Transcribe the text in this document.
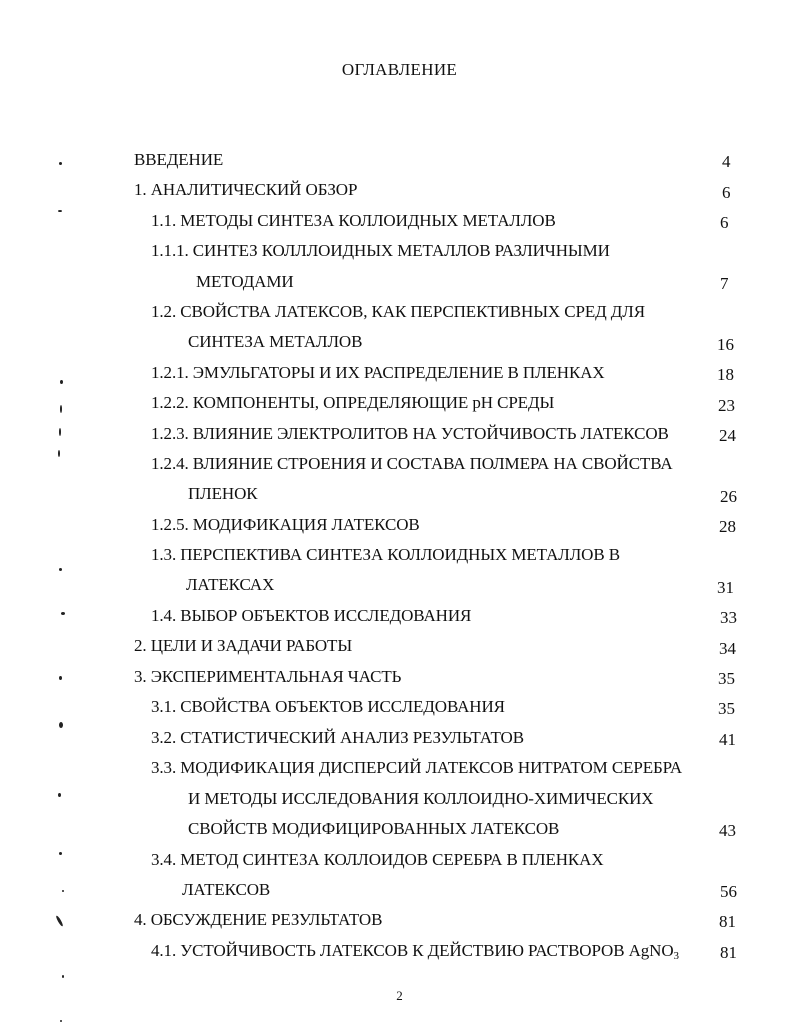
ОГЛАВЛЕНИЕ
ВВЕДЕНИЕ	4
1. АНАЛИТИЧЕСКИЙ ОБЗОР	6
1.1. МЕТОДЫ СИНТЕЗА КОЛЛОИДНЫХ МЕТАЛЛОВ	6
1.1.1. СИНТЕЗ КОЛЛЛОИДНЫХ МЕТАЛЛОВ РАЗЛИЧНЫМИ
МЕТОДАМИ	7
1.2. СВОЙСТВА ЛАТЕКСОВ, КАК ПЕРСПЕКТИВНЫХ СРЕД ДЛЯ
СИНТЕЗА МЕТАЛЛОВ	16
1.2.1. ЭМУЛЬГАТОРЫ И ИХ РАСПРЕДЕЛЕНИЕ В ПЛЕНКАХ	18
1.2.2. КОМПОНЕНТЫ, ОПРЕДЕЛЯЮЩИЕ pH СРЕДЫ	23
1.2.3. ВЛИЯНИЕ ЭЛЕКТРОЛИТОВ НА УСТОЙЧИВОСТЬ ЛАТЕКСОВ	24
1.2.4. ВЛИЯНИЕ СТРОЕНИЯ И СОСТАВА ПОЛМЕРА НА СВОЙСТВА
ПЛЕНОК	26
1.2.5. МОДИФИКАЦИЯ ЛАТЕКСОВ	28
1.3. ПЕРСПЕКТИВА СИНТЕЗА КОЛЛОИДНЫХ МЕТАЛЛОВ В
ЛАТЕКСАХ	31
1.4. ВЫБОР ОБЪЕКТОВ ИССЛЕДОВАНИЯ	33
2. ЦЕЛИ И ЗАДАЧИ РАБОТЫ	34
3. ЭКСПЕРИМЕНТАЛЬНАЯ ЧАСТЬ	35
3.1. СВОЙСТВА ОБЪЕКТОВ ИССЛЕДОВАНИЯ	35
3.2. СТАТИСТИЧЕСКИЙ АНАЛИЗ РЕЗУЛЬТАТОВ	41
3.3. МОДИФИКАЦИЯ ДИСПЕРСИЙ ЛАТЕКСОВ НИТРАТОМ СЕРЕБРА
И МЕТОДЫ ИССЛЕДОВАНИЯ КОЛЛОИДНО-ХИМИЧЕСКИХ
СВОЙСТВ МОДИФИЦИРОВАННЫХ ЛАТЕКСОВ	43
3.4. МЕТОД СИНТЕЗА КОЛЛОИДОВ СЕРЕБРА В ПЛЕНКАХ
ЛАТЕКСОВ	56
4. ОБСУЖДЕНИЕ РЕЗУЛЬТАТОВ	81
4.1. УСТОЙЧИВОСТЬ ЛАТЕКСОВ К ДЕЙСТВИЮ РАСТВОРОВ AgNO$_3$ 81
2
